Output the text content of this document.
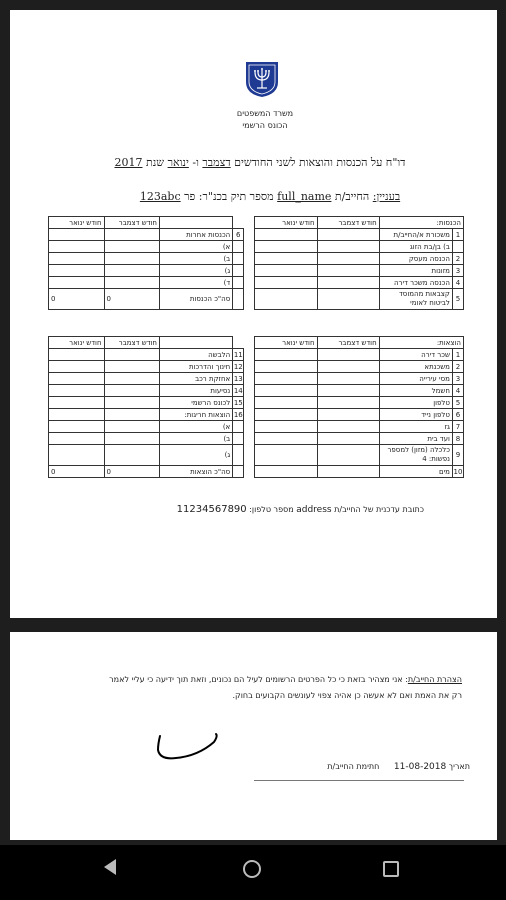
משרד המשפטים
הכונס הרשמי
דו"ח על הכנסות והוצאות לשני החודשים דצמבר ו- ינואר שנת 2017
בעניין: החייב/ת full_name מספר תיק בכנ"ר: פר 123abc
הכנסות:		חודש דצמבר	חודש ינואר				חודש דצמבר	חודש ינואר
1	משכורת א/החייב/ת				6	הכנסות אחרות		
	ב) בן/בת הזוג					א)		
2	הכנסה מעסק					ב)		
3	מזונות					ג)		
4	הכנסה משכר דירה					ד)		
5	קצבאות מהמוסד לביטוח לאומי					סה"כ הכנסות	0	0
הוצאות:		חודש דצמבר	חודש ינואר				חודש דצמבר	חודש ינואר
1	שכר דירה				11	הלבשה		
2	משכנתא				12	חינוך והדרכות		
3	מסי עירייה				13	אחזקת רכב		
4	חשמל				14	נסיעות		
5	טלפון				15	לכונס הרשמי		
6	טלפון נייד				16	הוצאות חריגות:		
7	גז					א)		
8	ועד בית					ב)		
9	כלכלה (מזון) למספר נפשות: 4					ג)		
10	מים					סה"כ הוצאות	0	0
כתובת עדכנית של החייב/ת address מספר טלפון: 11234567890
הצהרת החייב/ת: אני מצהיר בזאת כי כל הפרטים הרשומים לעיל הם נכונים, וזאת תוך ידיעה כי עליי לאמר
רק את האמת ואם לא אעשה כן אהיה צפוי לעונשים הקבועים בחוק.
תאריך 11-08-2018 חתימת החייב/ת
